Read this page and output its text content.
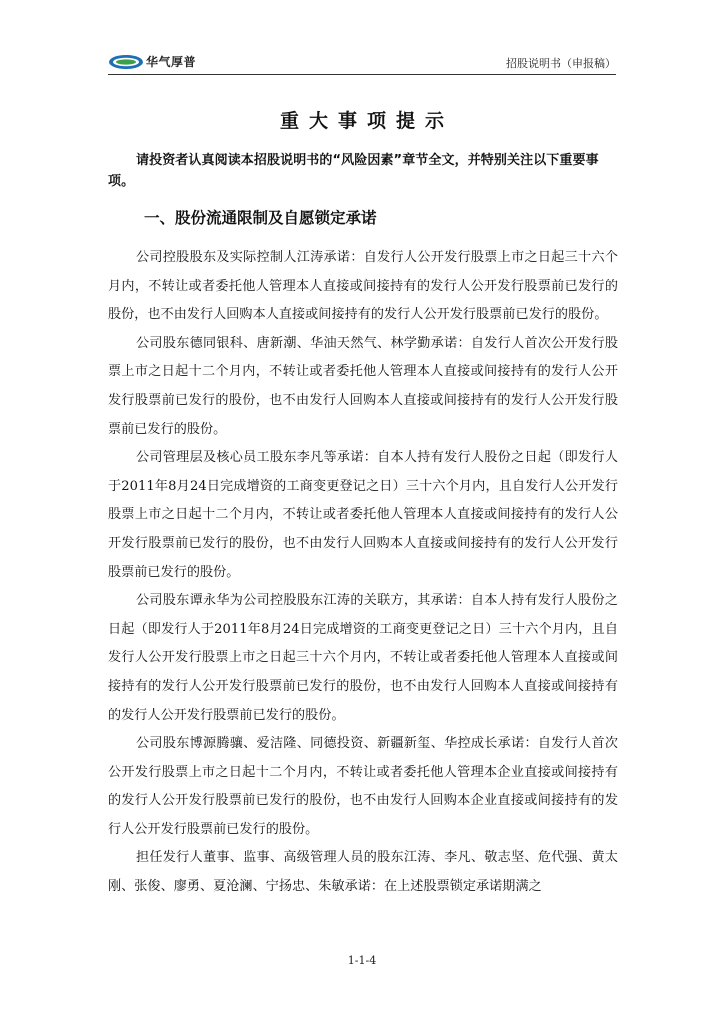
华气厚普	招股说明书（申报稿）
重大事项提示

请投资者认真阅读本招股说明书的“风险因素”章节全文，并特别关注以下重要事项。

一、股份流通限制及自愿锁定承诺

公司控股股东及实际控制人江涛承诺：自发行人公开发行股票上市之日起三十六个月内，不转让或者委托他人管理本人直接或间接持有的发行人公开发行股票前已发行的股份，也不由发行人回购本人直接或间接持有的发行人公开发行股票前已发行的股份。

公司股东德同银科、唐新潮、华油天然气、林学勤承诺：自发行人首次公开发行股票上市之日起十二个月内，不转让或者委托他人管理本人直接或间接持有的发行人公开发行股票前已发行的股份，也不由发行人回购本人直接或间接持有的发行人公开发行股票前已发行的股份。

公司管理层及核心员工股东李凡等承诺：自本人持有发行人股份之日起（即发行人于2011年8月24日完成增资的工商变更登记之日）三十六个月内，且自发行人公开发行股票上市之日起十二个月内，不转让或者委托他人管理本人直接或间接持有的发行人公开发行股票前已发行的股份，也不由发行人回购本人直接或间接持有的发行人公开发行股票前已发行的股份。

公司股东谭永华为公司控股股东江涛的关联方，其承诺：自本人持有发行人股份之日起（即发行人于2011年8月24日完成增资的工商变更登记之日）三十六个月内，且自发行人公开发行股票上市之日起三十六个月内，不转让或者委托他人管理本人直接或间接持有的发行人公开发行股票前已发行的股份，也不由发行人回购本人直接或间接持有的发行人公开发行股票前已发行的股份。

公司股东博源腾骧、爱洁隆、同德投资、新疆新玺、华控成长承诺：自发行人首次公开发行股票上市之日起十二个月内，不转让或者委托他人管理本企业直接或间接持有的发行人公开发行股票前已发行的股份，也不由发行人回购本企业直接或间接持有的发行人公开发行股票前已发行的股份。

担任发行人董事、监事、高级管理人员的股东江涛、李凡、敬志坚、危代强、黄太刚、张俊、廖勇、夏沧澜、宁扬忠、朱敏承诺：在上述股票锁定承诺期满之

1-1-4
